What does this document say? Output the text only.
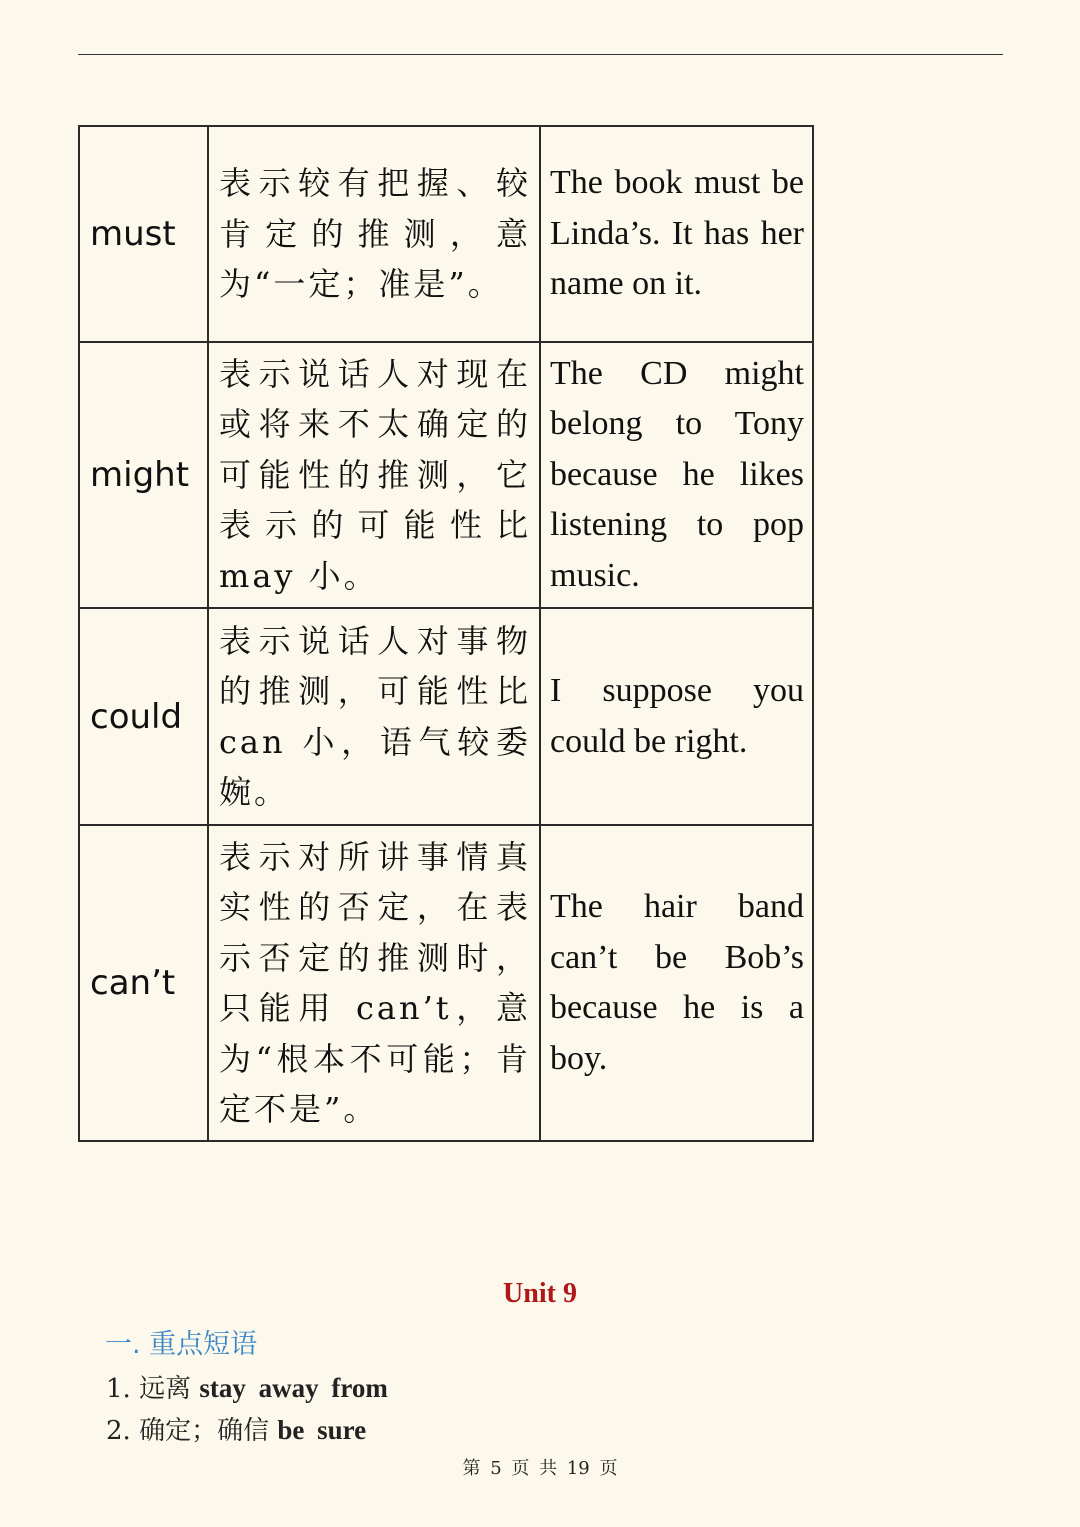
must	表示较有把握、较肯定的推测，意为“一定；准是”。	The book must be Linda’s. It has her name on it.
might	表示说话人对现在或将来不太确定的可能性的推测，它表示的可能性比 may 小。	The CD might belong to Tony because he likes listening to pop music.
could	表示说话人对事物的推测，可能性比 can 小，语气较委婉。	I suppose you could be right.
can’t	表示对所讲事情真实性的否定，在表示否定的推测时，只能用 can’t，意为“根本不可能；肯定不是”。	The hair band can’t be Bob’s because he is a boy.
Unit 9
一. 重点短语
1. 远离 stay away from
2. 确定；确信 be sure
第 5 页 共 19 页
